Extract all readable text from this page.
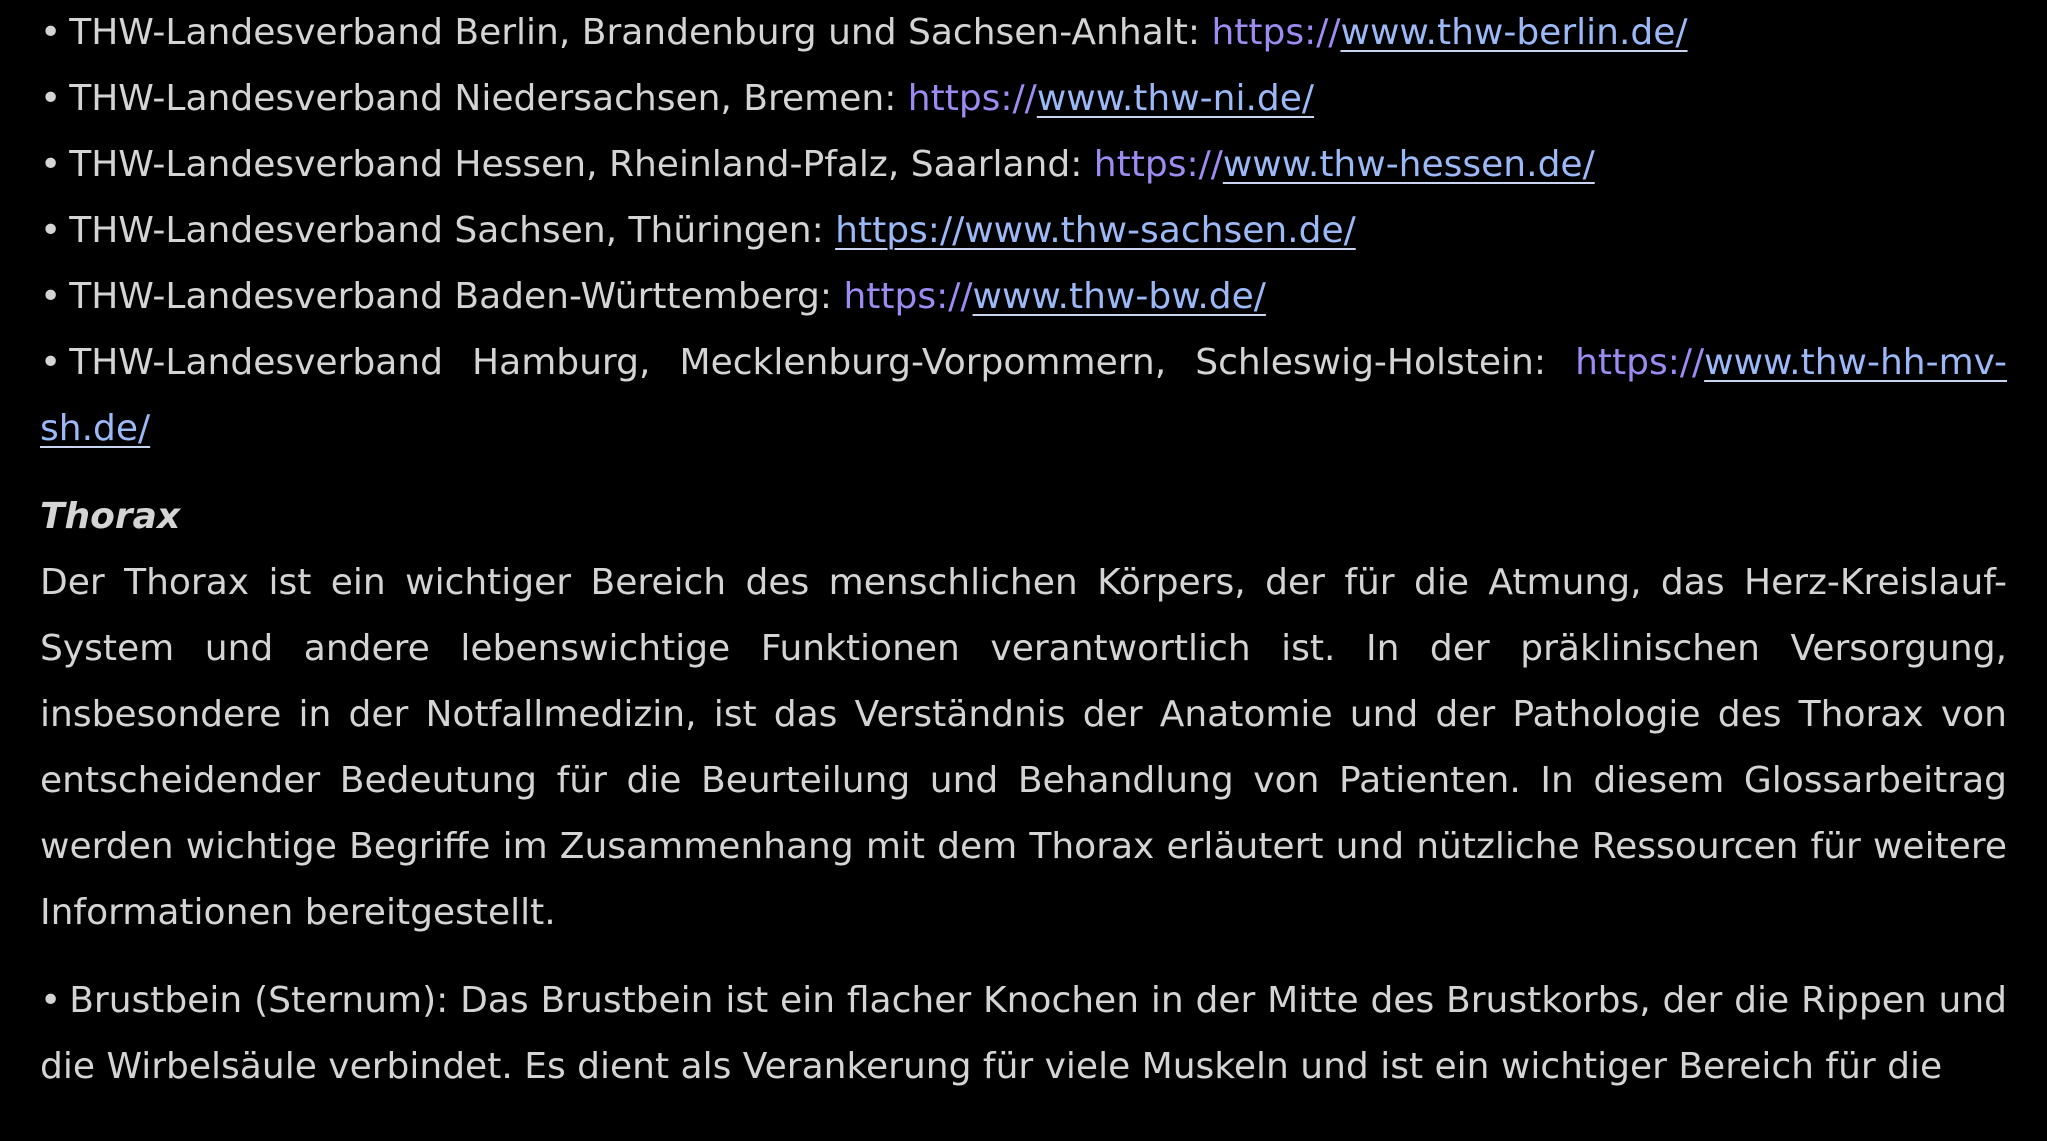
• THW-Landesverband Berlin, Brandenburg und Sachsen-Anhalt: https://www.thw-berlin.de/

• THW-Landesverband Niedersachsen, Bremen: https://www.thw-ni.de/

• THW-Landesverband Hessen, Rheinland-Pfalz, Saarland: https://www.thw-hessen.de/

• THW-Landesverband Sachsen, Thüringen: https://www.thw-sachsen.de/

• THW-Landesverband Baden-Württemberg: https://www.thw-bw.de/

• THW-Landesverband Hamburg, Mecklenburg-Vorpommern, Schleswig-Holstein: https://www.thw-hh-mv-sh.de/

Thorax

Der Thorax ist ein wichtiger Bereich des menschlichen Körpers, der für die Atmung, das Herz-Kreislauf-System und andere lebenswichtige Funktionen verantwortlich ist. In der präklinischen Versorgung, insbesondere in der Notfallmedizin, ist das Verständnis der Anatomie und der Pathologie des Thorax von entscheidender Bedeutung für die Beurteilung und Behandlung von Patienten. In diesem Glossarbeitrag werden wichtige Begriffe im Zusammenhang mit dem Thorax erläutert und nützliche Ressourcen für weitere Informationen bereitgestellt.

• Brustbein (Sternum): Das Brustbein ist ein flacher Knochen in der Mitte des Brustkorbs, der die Rippen und die Wirbelsäule verbindet. Es dient als Verankerung für viele Muskeln und ist ein wichtiger Bereich für die
